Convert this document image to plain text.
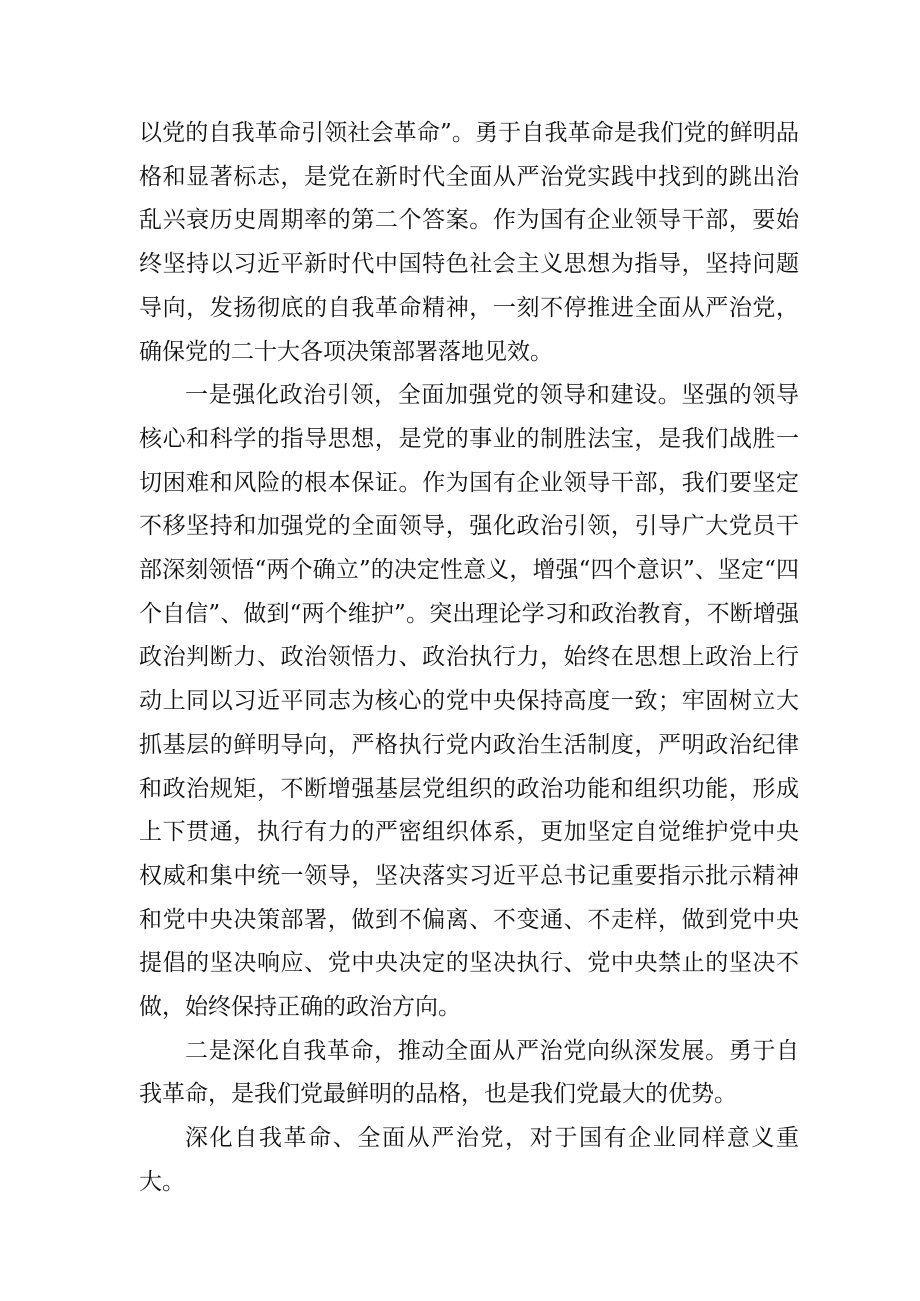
以党的自我革命引领社会革命”。勇于自我革命是我们党的鲜明品格和显著标志，是党在新时代全面从严治党实践中找到的跳出治乱兴衰历史周期率的第二个答案。作为国有企业领导干部，要始终坚持以习近平新时代中国特色社会主义思想为指导，坚持问题导向，发扬彻底的自我革命精神，一刻不停推进全面从严治党，确保党的二十大各项决策部署落地见效。

一是强化政治引领，全面加强党的领导和建设。坚强的领导核心和科学的指导思想，是党的事业的制胜法宝，是我们战胜一切困难和风险的根本保证。作为国有企业领导干部，我们要坚定不移坚持和加强党的全面领导，强化政治引领，引导广大党员干部深刻领悟“两个确立”的决定性意义，增强“四个意识”、坚定“四个自信”、做到“两个维护”。突出理论学习和政治教育，不断增强政治判断力、政治领悟力、政治执行力，始终在思想上政治上行动上同以习近平同志为核心的党中央保持高度一致；牢固树立大抓基层的鲜明导向，严格执行党内政治生活制度，严明政治纪律和政治规矩，不断增强基层党组织的政治功能和组织功能，形成上下贯通，执行有力的严密组织体系，更加坚定自觉维护党中央权威和集中统一领导，坚决落实习近平总书记重要指示批示精神和党中央决策部署，做到不偏离、不变通、不走样，做到党中央提倡的坚决响应、党中央决定的坚决执行、党中央禁止的坚决不做，始终保持正确的政治方向。

二是深化自我革命，推动全面从严治党向纵深发展。勇于自我革命，是我们党最鲜明的品格，也是我们党最大的优势。

深化自我革命、全面从严治党，对于国有企业同样意义重大。
